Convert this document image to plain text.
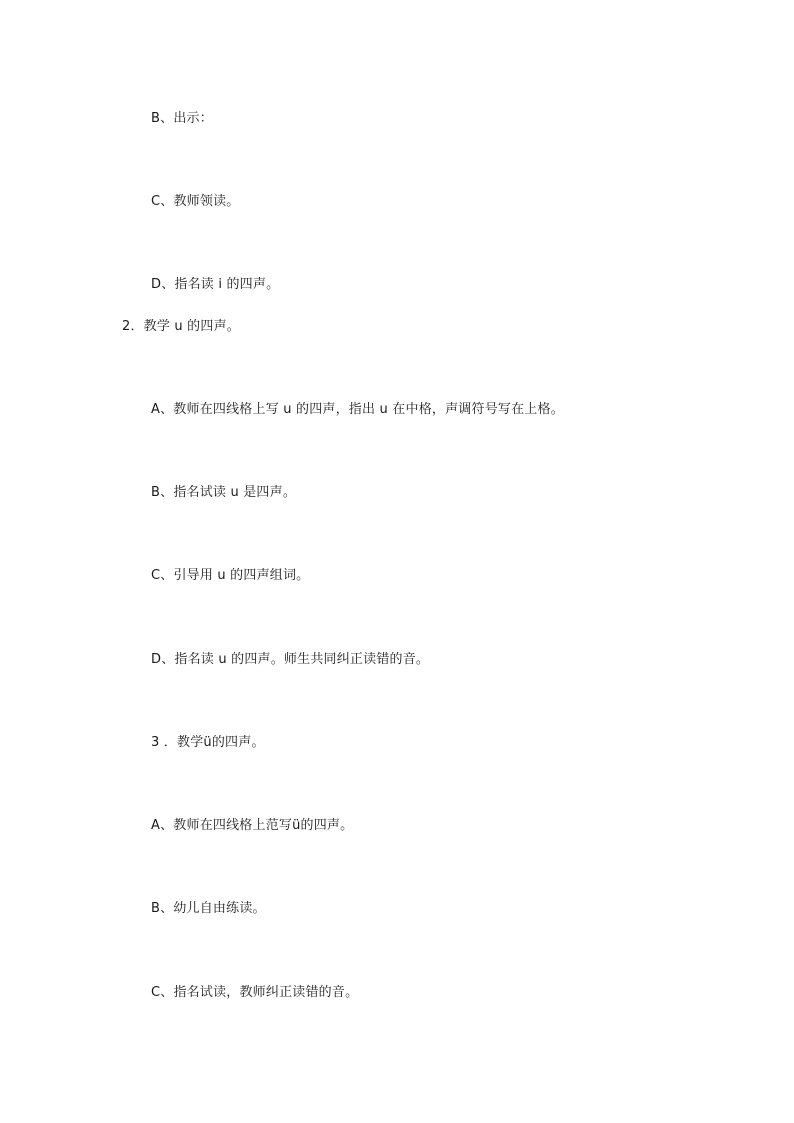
B、出示：
C、教师领读。
D、指名读 i 的四声。
2．教学 u 的四声。
A、教师在四线格上写 u 的四声，指出 u 在中格，声调符号写在上格。
B、指名试读 u 是四声。
C、引导用 u 的四声组词。
D、指名读 u 的四声。师生共同纠正读错的音。
3 ．教学ü的四声。
A、教师在四线格上范写ü的四声。
B、幼儿自由练读。
C、指名试读，教师纠正读错的音。
